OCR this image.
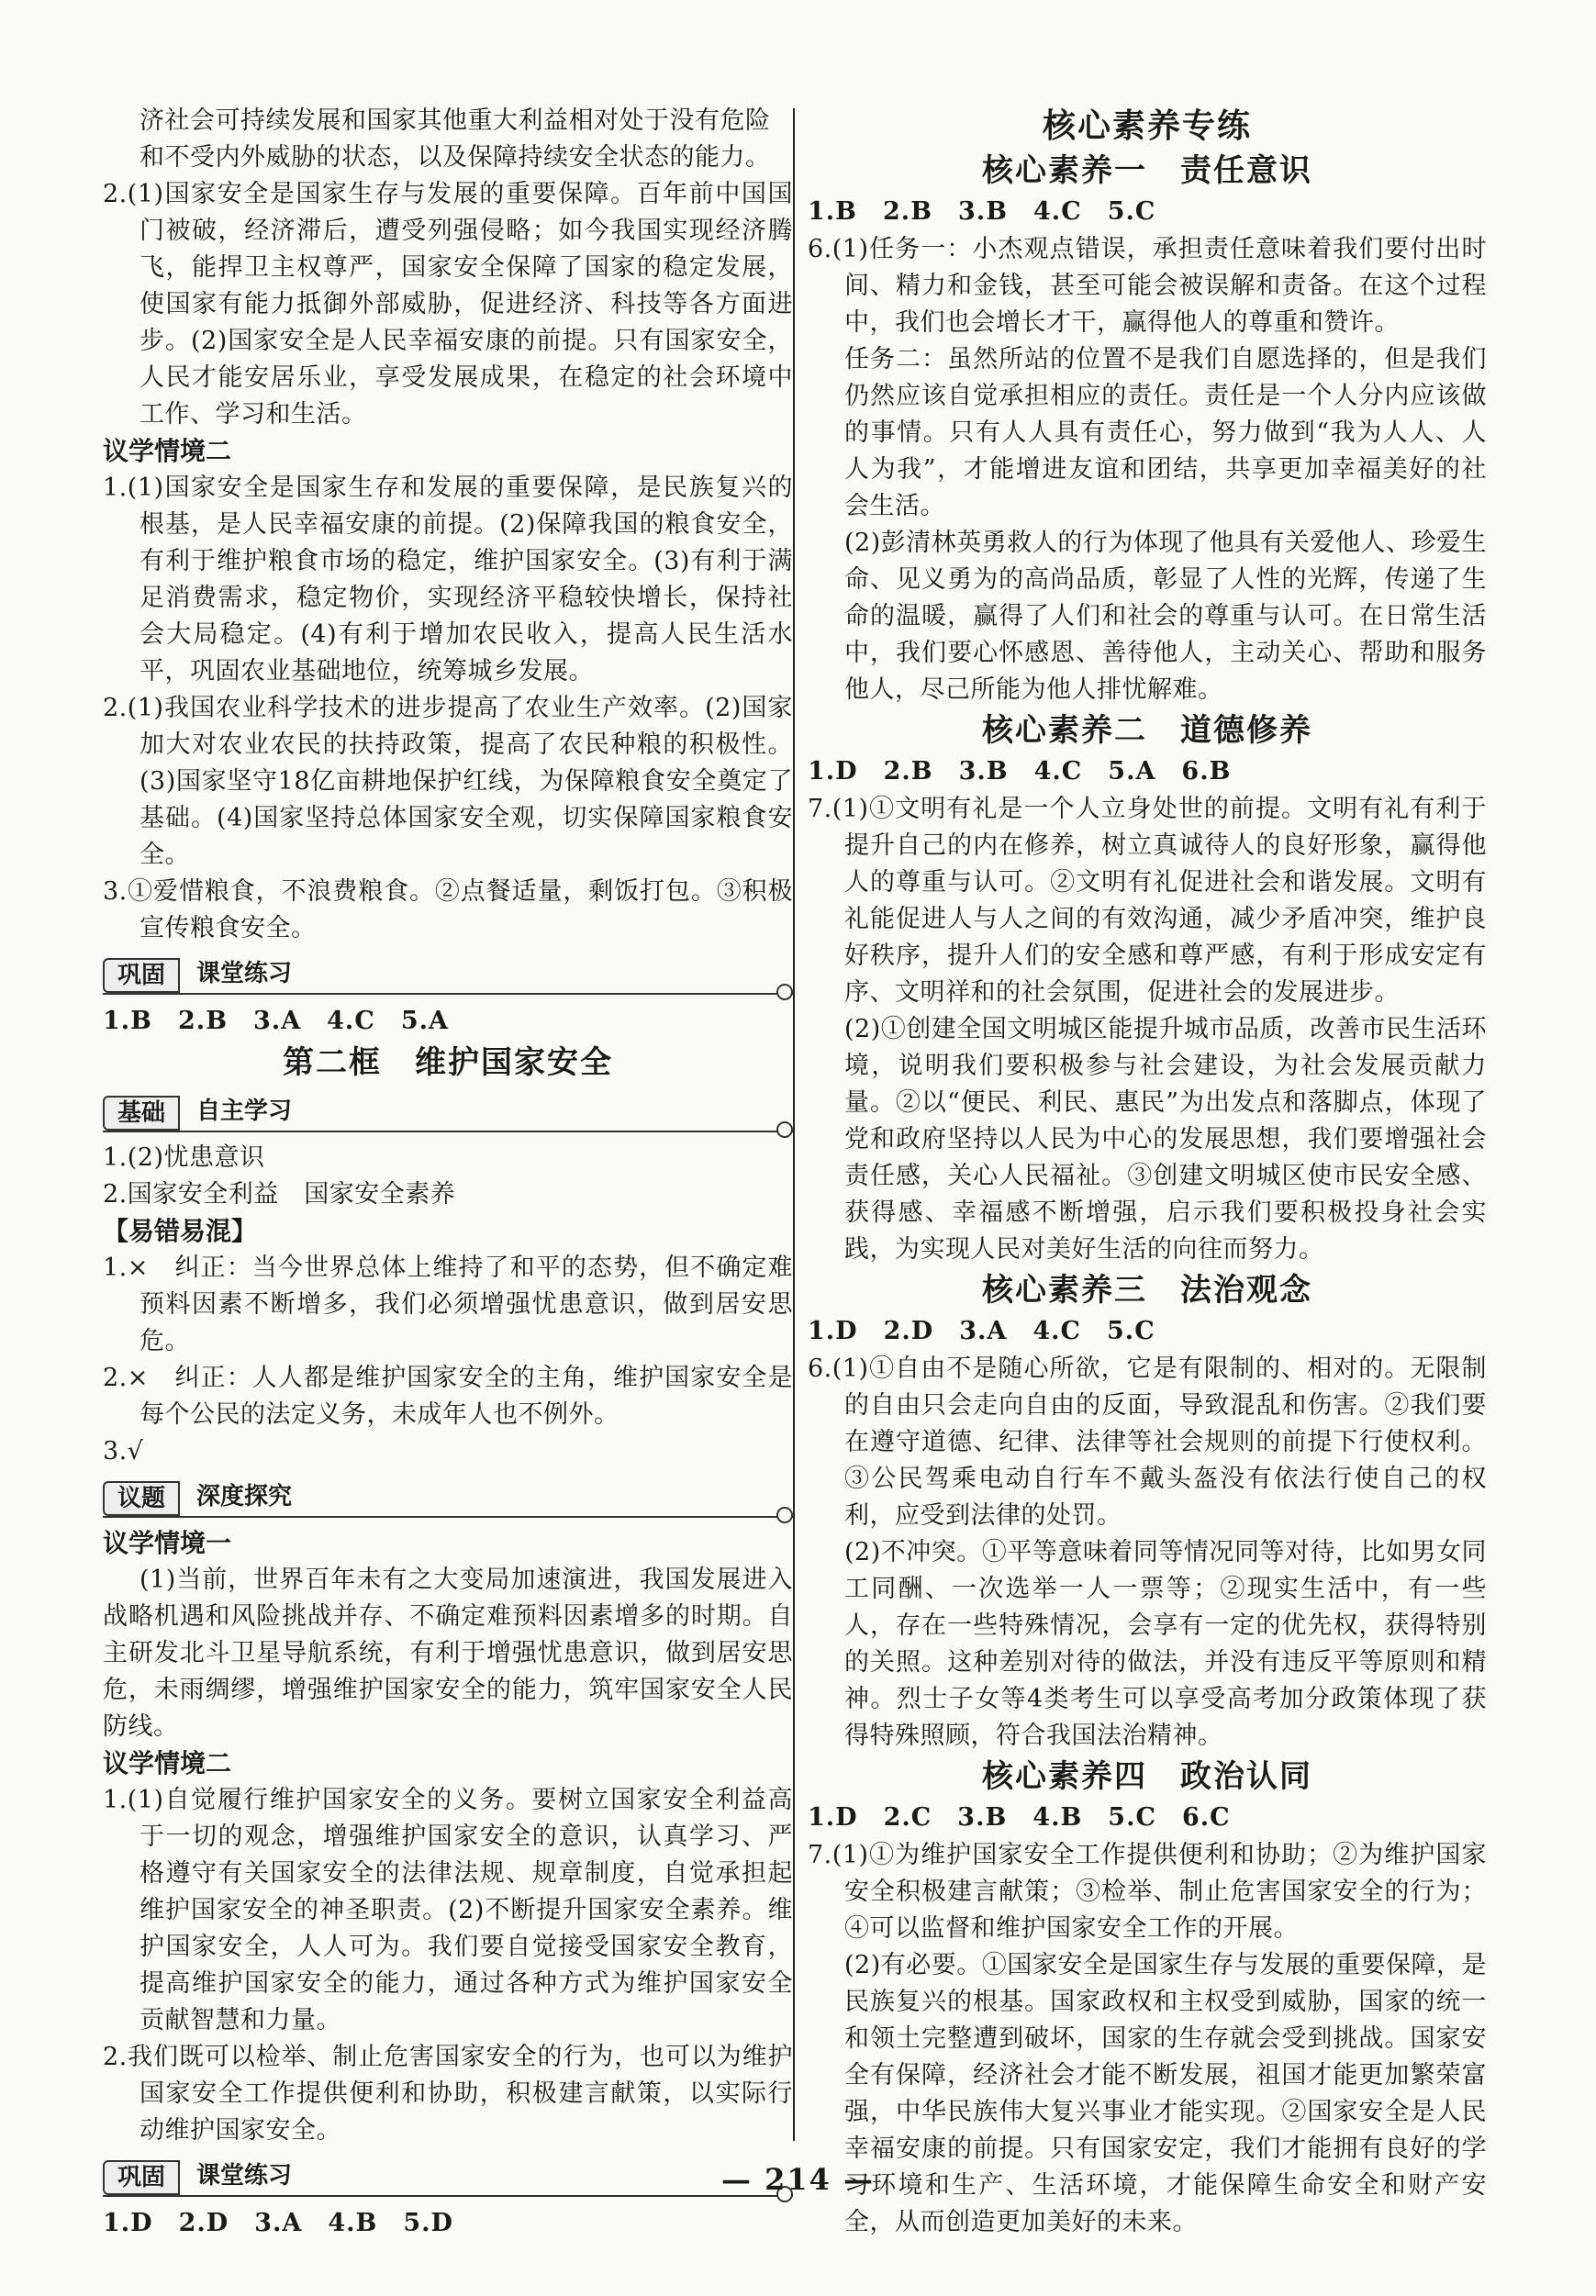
济社会可持续发展和国家其他重大利益相对处于没有危险

和不受内外威胁的状态，以及保障持续安全状态的能力。

2.(1)国家安全是国家生存与发展的重要保障。百年前中国国门被破，经济滞后，遭受列强侵略；如今我国实现经济腾飞，能捍卫主权尊严，国家安全保障了国家的稳定发展，使国家有能力抵御外部威胁，促进经济、科技等各方面进步。(2)国家安全是人民幸福安康的前提。只有国家安全，人民才能安居乐业，享受发展成果，在稳定的社会环境中工作、学习和生活。

议学情境二

1.(1)国家安全是国家生存和发展的重要保障，是民族复兴的根基，是人民幸福安康的前提。(2)保障我国的粮食安全，有利于维护粮食市场的稳定，维护国家安全。(3)有利于满足消费需求，稳定物价，实现经济平稳较快增长，保持社会大局稳定。(4)有利于增加农民收入，提高人民生活水平，巩固农业基础地位，统筹城乡发展。

2.(1)我国农业科学技术的进步提高了农业生产效率。(2)国家加大对农业农民的扶持政策，提高了农民种粮的积极性。(3)国家坚守18亿亩耕地保护红线，为保障粮食安全奠定了基础。(4)国家坚持总体国家安全观，切实保障国家粮食安全。

3.①爱惜粮食，不浪费粮食。②点餐适量，剩饭打包。③积极宣传粮食安全。

巩固	课堂练习

1.B　2.B　3.A　4.C　5.A

第二框　维护国家安全

基础	自主学习

1.(2)忧患意识

2.国家安全利益　国家安全素养

【易错易混】

1.×　纠正：当今世界总体上维持了和平的态势，但不确定难预料因素不断增多，我们必须增强忧患意识，做到居安思危。

2.×　纠正：人人都是维护国家安全的主角，维护国家安全是每个公民的法定义务，未成年人也不例外。

3.√

议题	深度探究

议学情境一

(1)当前，世界百年未有之大变局加速演进，我国发展进入战略机遇和风险挑战并存、不确定难预料因素增多的时期。自主研发北斗卫星导航系统，有利于增强忧患意识，做到居安思危，未雨绸缪，增强维护国家安全的能力，筑牢国家安全人民防线。

议学情境二

1.(1)自觉履行维护国家安全的义务。要树立国家安全利益高于一切的观念，增强维护国家安全的意识，认真学习、严格遵守有关国家安全的法律法规、规章制度，自觉承担起维护国家安全的神圣职责。(2)不断提升国家安全素养。维护国家安全，人人可为。我们要自觉接受国家安全教育，提高维护国家安全的能力，通过各种方式为维护国家安全贡献智慧和力量。

2.我们既可以检举、制止危害国家安全的行为，也可以为维护国家安全工作提供便利和协助，积极建言献策，以实际行动维护国家安全。

巩固	课堂练习

1.D　2.D　3.A　4.B　5.D

核心素养专练

核心素养一　责任意识

1.B　2.B　3.B　4.C　5.C

6.(1)任务一：小杰观点错误，承担责任意味着我们要付出时间、精力和金钱，甚至可能会被误解和责备。在这个过程中，我们也会增长才干，赢得他人的尊重和赞许。

任务二：虽然所站的位置不是我们自愿选择的，但是我们仍然应该自觉承担相应的责任。责任是一个人分内应该做的事情。只有人人具有责任心，努力做到“我为人人、人人为我”，才能增进友谊和团结，共享更加幸福美好的社会生活。

(2)彭清林英勇救人的行为体现了他具有关爱他人、珍爱生命、见义勇为的高尚品质，彰显了人性的光辉，传递了生命的温暖，赢得了人们和社会的尊重与认可。在日常生活中，我们要心怀感恩、善待他人，主动关心、帮助和服务他人，尽己所能为他人排忧解难。

核心素养二　道德修养

1.D　2.B　3.B　4.C　5.A　6.B

7.(1)①文明有礼是一个人立身处世的前提。文明有礼有利于提升自己的内在修养，树立真诚待人的良好形象，赢得他人的尊重与认可。②文明有礼促进社会和谐发展。文明有礼能促进人与人之间的有效沟通，减少矛盾冲突，维护良好秩序，提升人们的安全感和尊严感，有利于形成安定有序、文明祥和的社会氛围，促进社会的发展进步。

(2)①创建全国文明城区能提升城市品质，改善市民生活环境，说明我们要积极参与社会建设，为社会发展贡献力量。②以“便民、利民、惠民”为出发点和落脚点，体现了党和政府坚持以人民为中心的发展思想，我们要增强社会责任感，关心人民福祉。③创建文明城区使市民安全感、获得感、幸福感不断增强，启示我们要积极投身社会实践，为实现人民对美好生活的向往而努力。

核心素养三　法治观念

1.D　2.D　3.A　4.C　5.C

6.(1)①自由不是随心所欲，它是有限制的、相对的。无限制的自由只会走向自由的反面，导致混乱和伤害。②我们要在遵守道德、纪律、法律等社会规则的前提下行使权利。③公民驾乘电动自行车不戴头盔没有依法行使自己的权利，应受到法律的处罚。

(2)不冲突。①平等意味着同等情况同等对待，比如男女同工同酬、一次选举一人一票等；②现实生活中，有一些人，存在一些特殊情况，会享有一定的优先权，获得特别的关照。这种差别对待的做法，并没有违反平等原则和精神。烈士子女等4类考生可以享受高考加分政策体现了获得特殊照顾，符合我国法治精神。

核心素养四　政治认同

1.D　2.C　3.B　4.B　5.C　6.C

7.(1)①为维护国家安全工作提供便利和协助；②为维护国家安全积极建言献策；③检举、制止危害国家安全的行为；④可以监督和维护国家安全工作的开展。

(2)有必要。①国家安全是国家生存与发展的重要保障，是民族复兴的根基。国家政权和主权受到威胁，国家的统一和领土完整遭到破坏，国家的生存就会受到挑战。国家安全有保障，经济社会才能不断发展，祖国才能更加繁荣富强，中华民族伟大复兴事业才能实现。②国家安全是人民幸福安康的前提。只有国家安定，我们才能拥有良好的学习环境和生产、生活环境，才能保障生命安全和财产安全，从而创造更加美好的未来。

— 214 —
